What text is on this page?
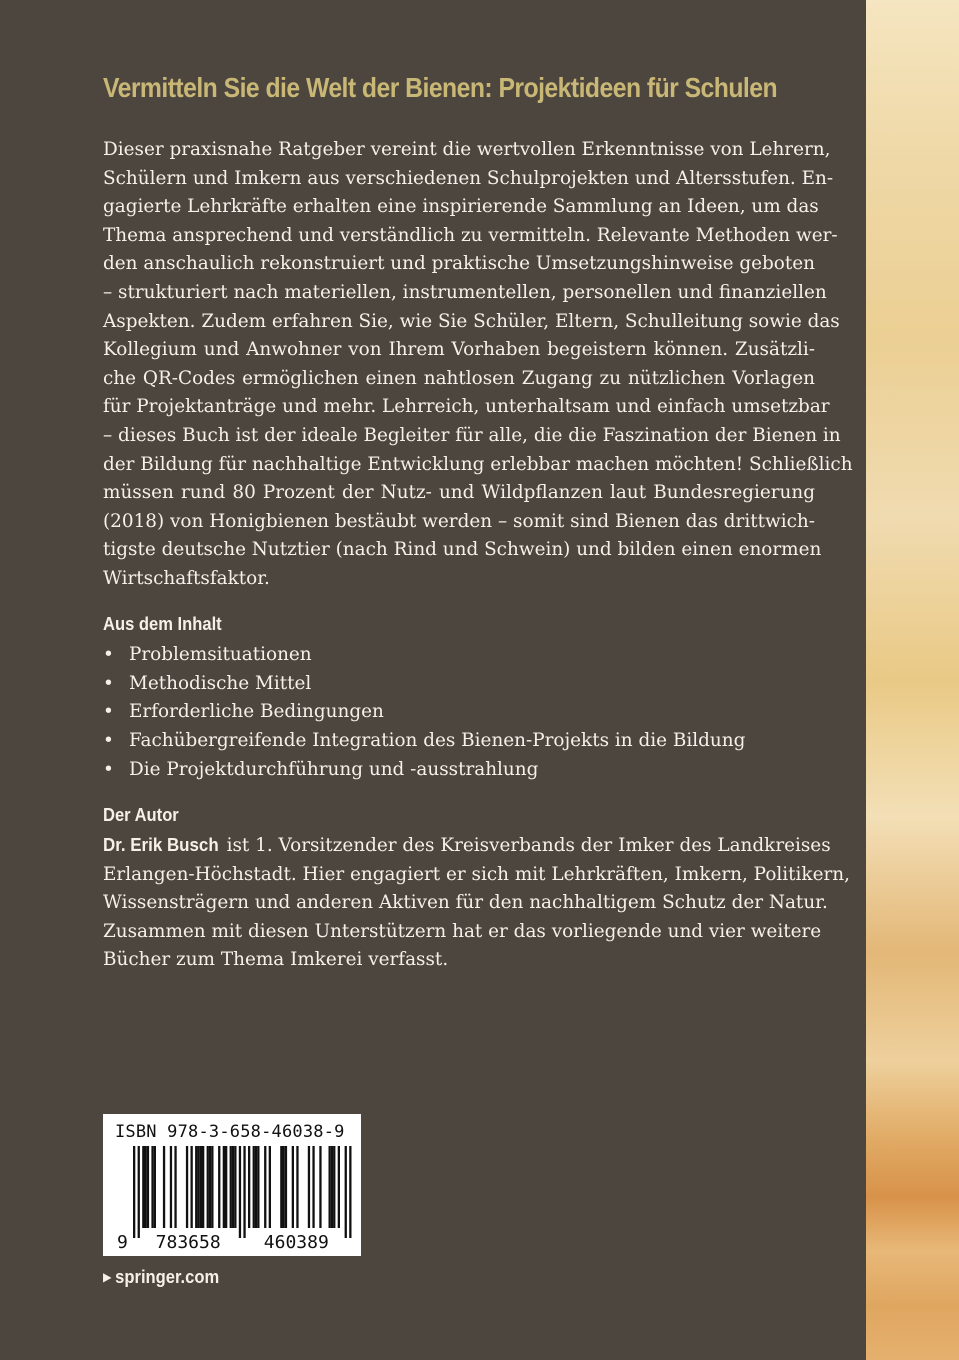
Vermitteln Sie die Welt der Bienen: Projektideen für Schulen
Dieser praxisnahe Ratgeber vereint die wertvollen Erkenntnisse von Lehrern,
Schülern und Imkern aus verschiedenen Schulprojekten und Altersstufen. En-
gagierte Lehrkräfte erhalten eine inspirierende Sammlung an Ideen, um das
Thema ansprechend und verständlich zu vermitteln. Relevante Methoden wer-
den anschaulich rekonstruiert und praktische Umsetzungshinweise geboten
– strukturiert nach materiellen, instrumentellen, personellen und finanziellen
Aspekten. Zudem erfahren Sie, wie Sie Schüler, Eltern, Schulleitung sowie das
Kollegium und Anwohner von Ihrem Vorhaben begeistern können. Zusätzli-
che QR-Codes ermöglichen einen nahtlosen Zugang zu nützlichen Vorlagen
für Projektanträge und mehr. Lehrreich, unterhaltsam und einfach umsetzbar
– dieses Buch ist der ideale Begleiter für alle, die die Faszination der Bienen in
der Bildung für nachhaltige Entwicklung erlebbar machen möchten! Schließlich
müssen rund 80 Prozent der Nutz- und Wildpflanzen laut Bundesregierung
(2018) von Honigbienen bestäubt werden – somit sind Bienen das drittwich-
tigste deutsche Nutztier (nach Rind und Schwein) und bilden einen enormen
Wirtschaftsfaktor.
Aus dem Inhalt
• Problemsituationen
• Methodische Mittel
• Erforderliche Bedingungen
• Fachübergreifende Integration des Bienen-Projekts in die Bildung
• Die Projektdurchführung und -ausstrahlung
Der Autor
Dr. Erik Busch ist 1. Vorsitzender des Kreisverbands der Imker des Landkreises
Erlangen-Höchstadt. Hier engagiert er sich mit Lehrkräften, Imkern, Politikern,
Wissensträgern und anderen Aktiven für den nachhaltigem Schutz der Natur.
Zusammen mit diesen Unterstützern hat er das vorliegende und vier weitere
Bücher zum Thema Imkerei verfasst.
ISBN 978-3-658-46038-9
9 783658 460389
▶ springer.com
